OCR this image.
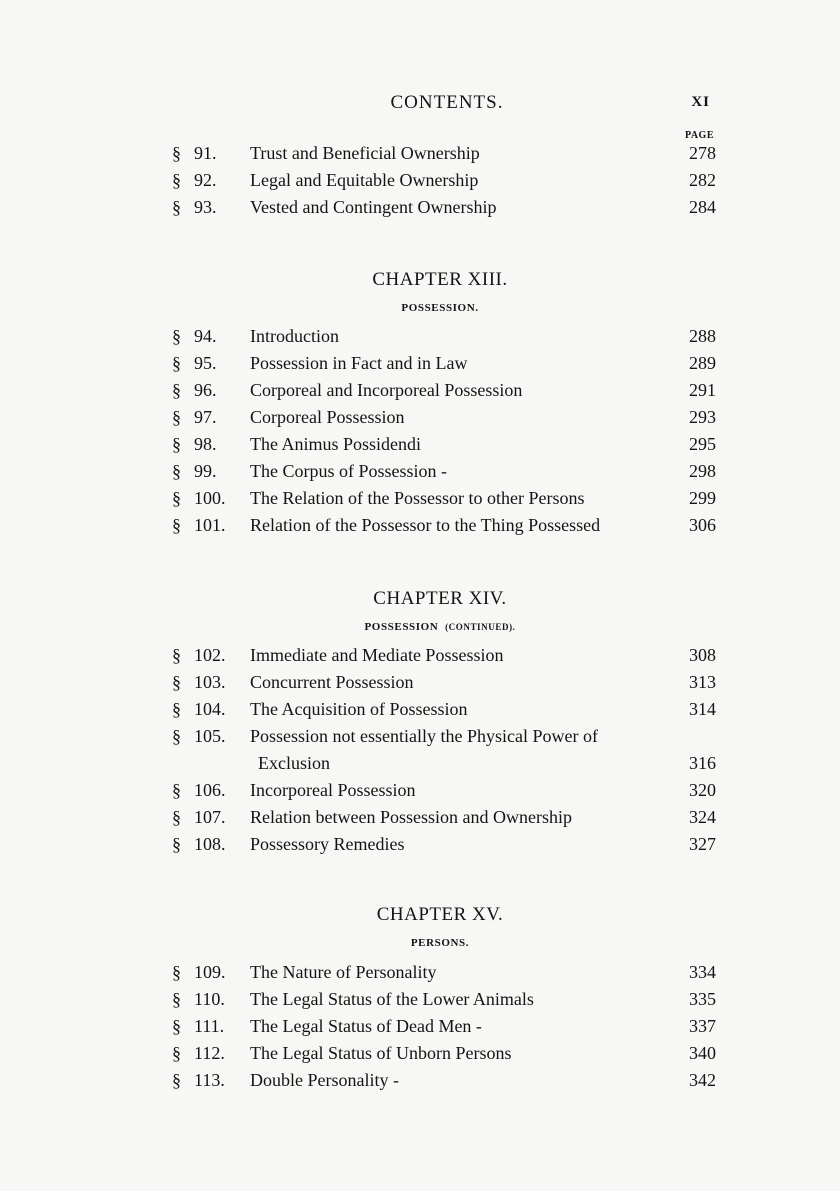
CONTENTS.	XI
PAGE
§ 91.	Trust and Beneficial Ownership	278
§ 92.	Legal and Equitable Ownership	282
§ 93.	Vested and Contingent Ownership	284
CHAPTER XIII.
POSSESSION.
§ 94.	Introduction	288
§ 95.	Possession in Fact and in Law	289
§ 96.	Corporeal and Incorporeal Possession	291
§ 97.	Corporeal Possession	293
§ 98.	The Animus Possidendi	295
§ 99.	The Corpus of Possession -	298
§ 100.	The Relation of the Possessor to other Persons	299
§ 101.	Relation of the Possessor to the Thing Possessed	306
CHAPTER XIV.
POSSESSION (CONTINUED).
§ 102.	Immediate and Mediate Possession	308
§ 103.	Concurrent Possession	313
§ 104.	The Acquisition of Possession	314
§ 105.	Possession not essentially the Physical Power of
Exclusion	316
§ 106.	Incorporeal Possession	320
§ 107.	Relation between Possession and Ownership	324
§ 108.	Possessory Remedies	327
CHAPTER XV.
PERSONS.
§ 109.	The Nature of Personality	334
§ 110.	The Legal Status of the Lower Animals	335
§ 111.	The Legal Status of Dead Men -	337
§ 112.	The Legal Status of Unborn Persons	340
§ 113.	Double Personality -	342
